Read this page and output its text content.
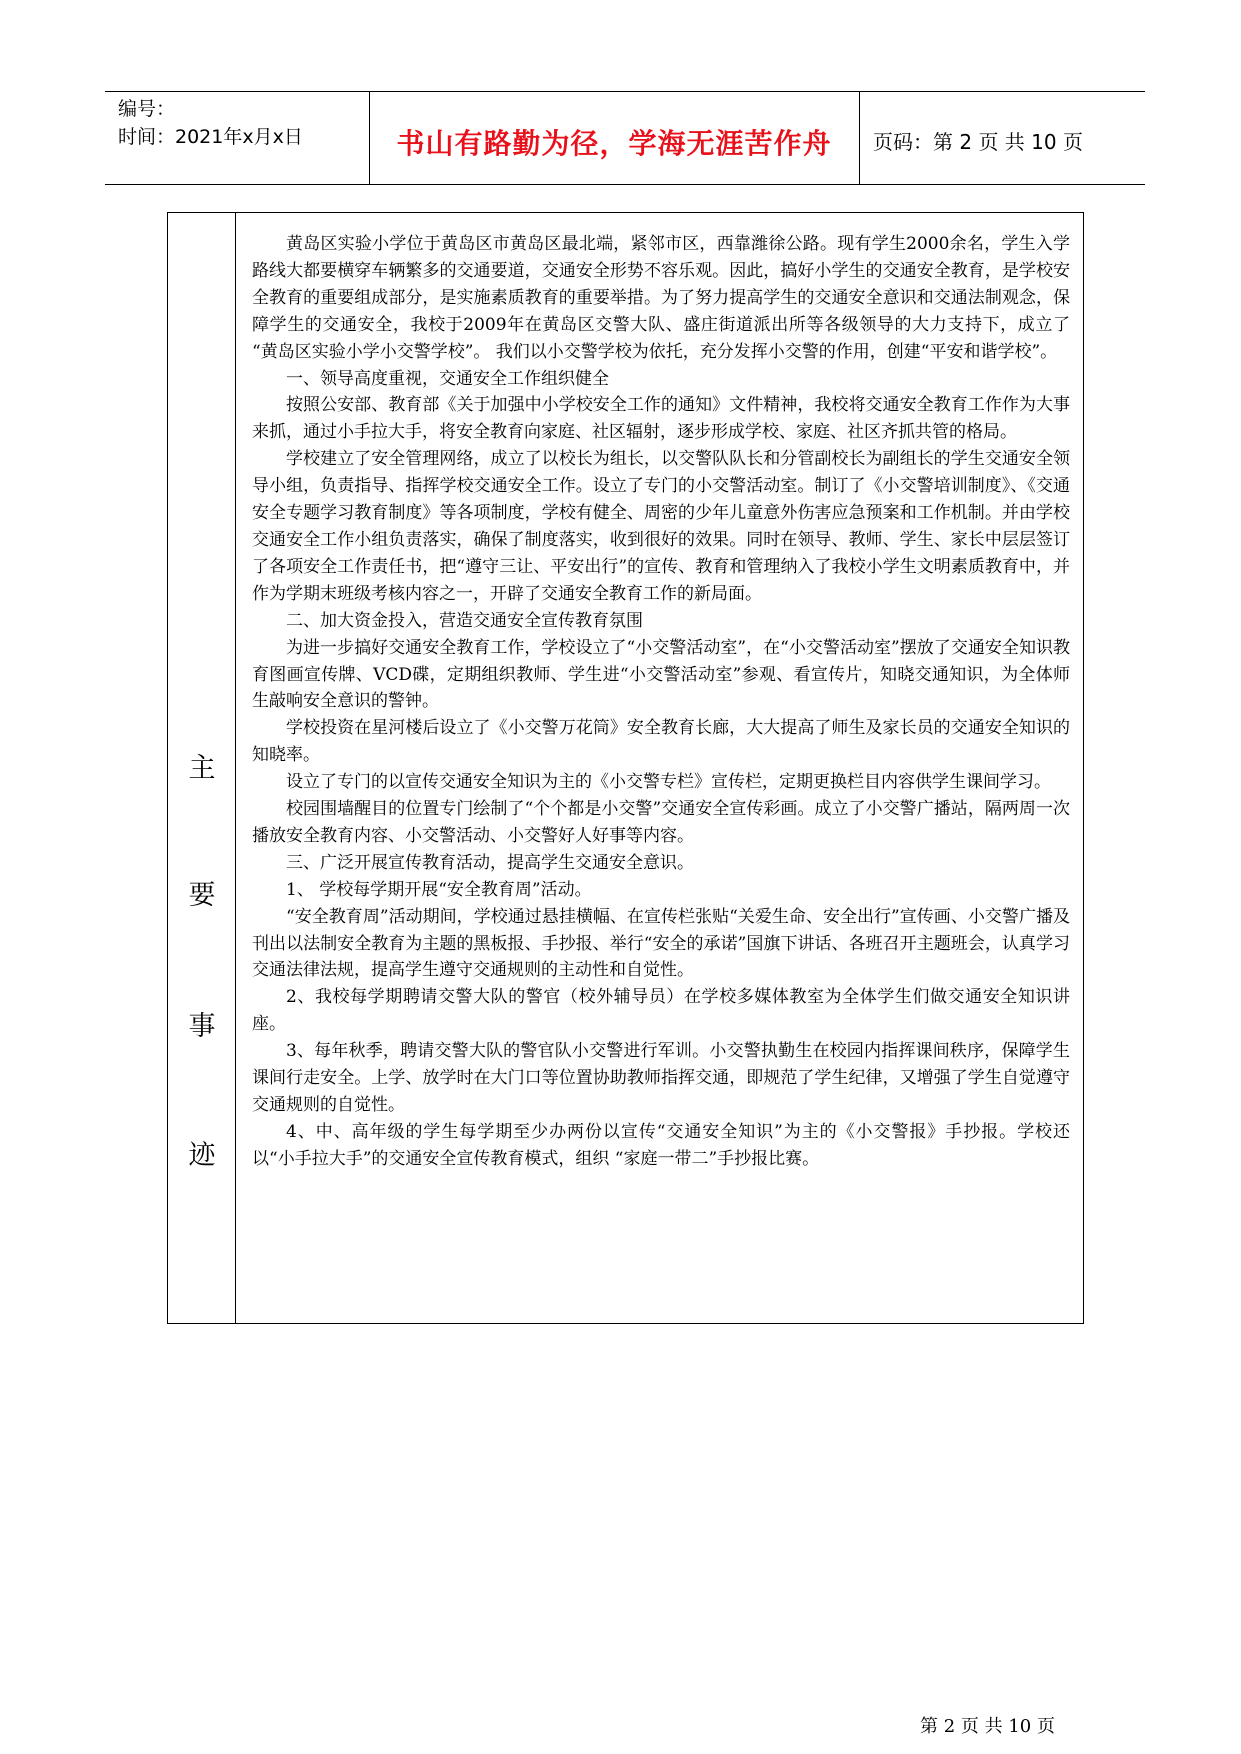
编号：
时间：2021年x月x日	书山有路勤为径，学海无涯苦作舟	页码：第 2 页 共 10 页
主
要
事
迹

黄岛区实验小学位于黄岛区市黄岛区最北端，紧邻市区，西靠潍徐公路。现有学生2000余名，学生入学路线大都要横穿车辆繁多的交通要道，交通安全形势不容乐观。因此，搞好小学生的交通安全教育，是学校安全教育的重要组成部分，是实施素质教育的重要举措。为了努力提高学生的交通安全意识和交通法制观念，保障学生的交通安全，我校于2009年在黄岛区交警大队、盛庄街道派出所等各级领导的大力支持下，成立了 “黄岛区实验小学小交警学校”。 我们以小交警学校为依托，充分发挥小交警的作用，创建“平安和谐学校”。

一、领导高度重视，交通安全工作组织健全

按照公安部、教育部《关于加强中小学校安全工作的通知》文件精神，我校将交通安全教育工作作为大事来抓，通过小手拉大手，将安全教育向家庭、社区辐射，逐步形成学校、家庭、社区齐抓共管的格局。

学校建立了安全管理网络，成立了以校长为组长，以交警队队长和分管副校长为副组长的学生交通安全领导小组，负责指导、指挥学校交通安全工作。设立了专门的小交警活动室。制订了《小交警培训制度》、《交通安全专题学习教育制度》等各项制度，学校有健全、周密的少年儿童意外伤害应急预案和工作机制。并由学校交通安全工作小组负责落实，确保了制度落实，收到很好的效果。同时在领导、教师、学生、家长中层层签订了各项安全工作责任书，把“遵守三让、平安出行”的宣传、教育和管理纳入了我校小学生文明素质教育中，并作为学期末班级考核内容之一，开辟了交通安全教育工作的新局面。

二、加大资金投入，营造交通安全宣传教育氛围

为进一步搞好交通安全教育工作，学校设立了“小交警活动室”，在“小交警活动室”摆放了交通安全知识教育图画宣传牌、VCD碟，定期组织教师、学生进“小交警活动室”参观、看宣传片，知晓交通知识，为全体师生敲响安全意识的警钟。

学校投资在星河楼后设立了《小交警万花筒》安全教育长廊，大大提高了师生及家长员的交通安全知识的知晓率。

设立了专门的以宣传交通安全知识为主的《小交警专栏》宣传栏，定期更换栏目内容供学生课间学习。

校园围墙醒目的位置专门绘制了“个个都是小交警”交通安全宣传彩画。成立了小交警广播站，隔两周一次播放安全教育内容、小交警活动、小交警好人好事等内容。

三、广泛开展宣传教育活动，提高学生交通安全意识。

1、 学校每学期开展“安全教育周”活动。

“安全教育周”活动期间，学校通过悬挂横幅、在宣传栏张贴“关爱生命、安全出行”宣传画、小交警广播及刊出以法制安全教育为主题的黑板报、手抄报、举行“安全的承诺”国旗下讲话、各班召开主题班会，认真学习交通法律法规，提高学生遵守交通规则的主动性和自觉性。

2、我校每学期聘请交警大队的警官（校外辅导员）在学校多媒体教室为全体学生们做交通安全知识讲座。

3、每年秋季，聘请交警大队的警官队小交警进行军训。小交警执勤生在校园内指挥课间秩序，保障学生课间行走安全。上学、放学时在大门口等位置协助教师指挥交通，即规范了学生纪律，又增强了学生自觉遵守交通规则的自觉性。

4、中、高年级的学生每学期至少办两份以宣传“交通安全知识”为主的《小交警报》手抄报。学校还以“小手拉大手”的交通安全宣传教育模式，组织 “家庭一带二”手抄报比赛。

第 2 页 共 10 页
